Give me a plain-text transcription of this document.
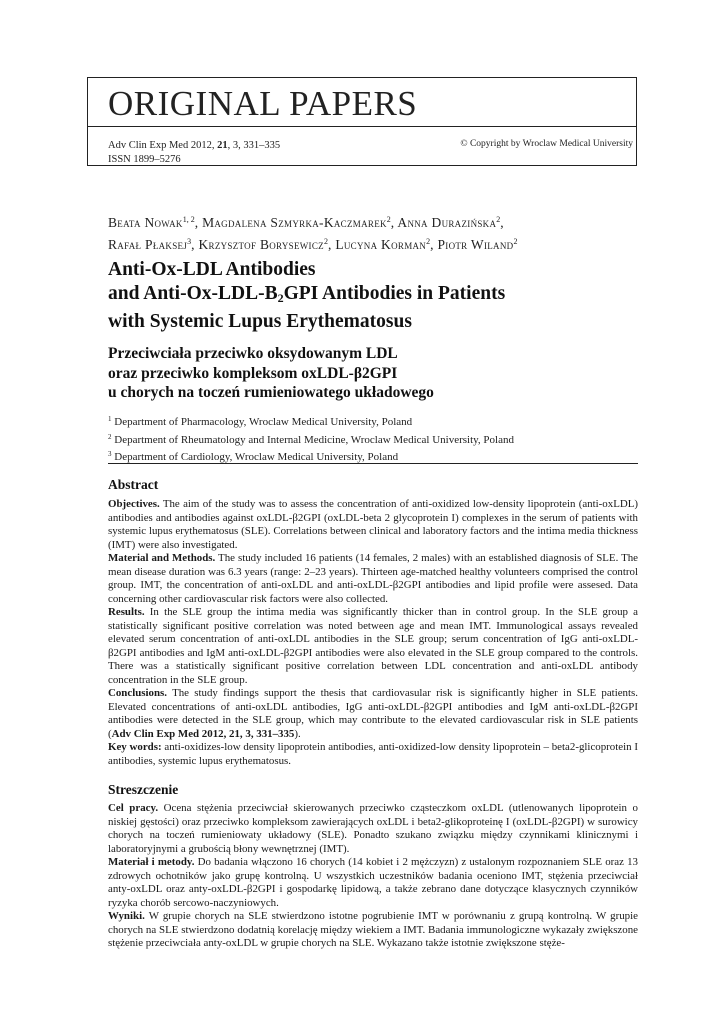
ORIGINAL PAPERS
Adv Clin Exp Med 2012, 21, 3, 331–335
ISSN 1899–5276
© Copyright by Wroclaw Medical University
Beata Nowak$^{1, 2}$, Magdalena Szmyrka-Kaczmarek$^2$, Anna Durazińska$^2$,
Rafał Płaksej$^3$, Krzysztof Borysewicz$^2$, Lucyna Korman$^2$, Piotr Wiland$^2$
Anti-Ox-LDL Antibodies
and Anti-$Ox-LDL-B_2GPI$ Antibodies in Patients
with Systemic Lupus Erythematosus
Przeciwciała przeciwko oksydowanym LDL
oraz przeciwko kompleksom oxLDL-β2GPI
u chorych na toczeń rumieniowatego układowego
$^1$ Department of Pharmacology, Wroclaw Medical University, Poland
$^2$ Department of Rheumatology and Internal Medicine, Wroclaw Medical University, Poland
$^3$ Department of Cardiology, Wroclaw Medical University, Poland
Abstract

Objectives. The aim of the study was to assess the concentration of anti-oxidized low-density lipoprotein (anti-oxLDL) antibodies and antibodies against oxLDL-β2GPI (oxLDL-beta 2 glycoprotein I) complexes in the serum of patients with systemic lupus erythematosus (SLE). Correlations between clinical and laboratory factors and the intima media thickness (IMT) were also investigated.

Material and Methods. The study included 16 patients (14 females, 2 males) with an established diagnosis of SLE. The mean disease duration was 6.3 years (range: 2–23 years). Thirteen age-matched healthy volunteers comprised the control group. IMT, the concentration of anti-oxLDL and anti-oxLDL-β2GPI antibodies and lipid profile were assesed. Data concerning other cardiovascular risk factors were also collected.

Results. In the SLE group the intima media was significantly thicker than in control group. In the SLE group a statistically significant positive correlation was noted between age and mean IMT. Immunological assays revealed elevated serum concentration of anti-oxLDL antibodies in the SLE group; serum concentration of IgG anti-oxLDL-β2GPI antibodies and IgM anti-oxLDL-β2GPI antibodies were also elevated in the SLE group compared to the controls. There was a statistically significant positive correlation between LDL concentration and anti-oxLDL antibody concentration in the SLE group.

Conclusions. The study findings support the thesis that cardiovasular risk is significantly higher in SLE patients. Elevated concentrations of anti-oxLDL antibodies, IgG anti-oxLDL-β2GPI antibodies and IgM anti-oxLDL-β2GPI antibodies were detected in the SLE group, which may contribute to the elevated cardiovascular risk in SLE patients (Adv Clin Exp Med 2012, 21, 3, 331–335).

Key words: anti-oxidizes-low density lipoprotein antibodies, anti-oxidized-low density lipoprotein – beta2-glicoprotein I antibodies, systemic lupus erythematosus.

Streszczenie

Cel pracy. Ocena stężenia przeciwciał skierowanych przeciwko cząsteczkom oxLDL (utlenowanych lipoprotein o niskiej gęstości) oraz przeciwko kompleksom zawierających oxLDL i beta2-glikoproteinę I (oxLDL-β2GPI) w surowicy chorych na toczeń rumieniowaty układowy (SLE). Ponadto szukano związku między czynnikami klinicznymi i laboratoryjnymi a grubością błony wewnętrznej (IMT).

Materiał i metody. Do badania włączono 16 chorych (14 kobiet i 2 mężczyzn) z ustalonym rozpoznaniem SLE oraz 13 zdrowych ochotników jako grupę kontrolną. U wszystkich uczestników badania oceniono IMT, stężenia przeciwciał anty-oxLDL oraz anty-oxLDL-β2GPI i gospodarkę lipidową, a także zebrano dane dotyczące klasycznych czynników ryzyka chorób sercowo-naczyniowych.

Wyniki. W grupie chorych na SLE stwierdzono istotne pogrubienie IMT w porównaniu z grupą kontrolną. W grupie chorych na SLE stwierdzono dodatnią korelację między wiekiem a IMT. Badania immunologiczne wykazały zwiększone stężenie przeciwciała anty-oxLDL w grupie chorych na SLE. Wykazano także istotnie zwiększone stęże-
